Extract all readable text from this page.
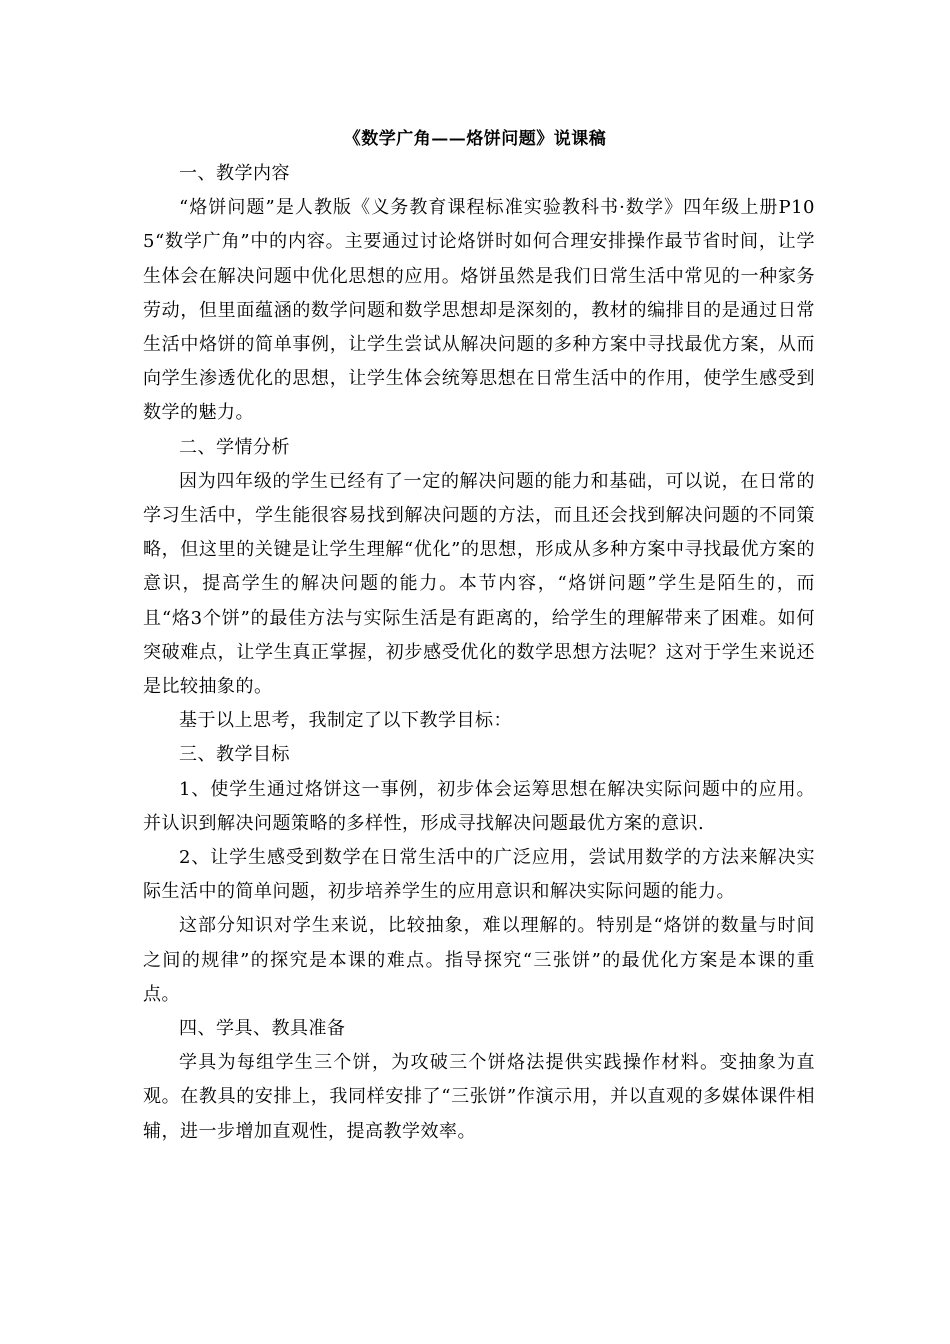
《数学广角——烙饼问题》说课稿

一、教学内容

“烙饼问题”是人教版《义务教育课程标准实验教科书·数学》四年级上册P105“数学广角”中的内容。主要通过讨论烙饼时如何合理安排操作最节省时间，让学生体会在解决问题中优化思想的应用。烙饼虽然是我们日常生活中常见的一种家务劳动，但里面蕴涵的数学问题和数学思想却是深刻的，教材的编排目的是通过日常生活中烙饼的简单事例，让学生尝试从解决问题的多种方案中寻找最优方案，从而向学生渗透优化的思想，让学生体会统筹思想在日常生活中的作用，使学生感受到数学的魅力。

二、学情分析

因为四年级的学生已经有了一定的解决问题的能力和基础，可以说，在日常的学习生活中，学生能很容易找到解决问题的方法，而且还会找到解决问题的不同策略，但这里的关键是让学生理解“优化”的思想，形成从多种方案中寻找最优方案的意识，提高学生的解决问题的能力。本节内容，“烙饼问题”学生是陌生的，而且“烙3个饼”的最佳方法与实际生活是有距离的，给学生的理解带来了困难。如何突破难点，让学生真正掌握，初步感受优化的数学思想方法呢？这对于学生来说还是比较抽象的。

基于以上思考，我制定了以下教学目标：

三、教学目标

1、使学生通过烙饼这一事例，初步体会运筹思想在解决实际问题中的应用。并认识到解决问题策略的多样性，形成寻找解决问题最优方案的意识.

2、让学生感受到数学在日常生活中的广泛应用，尝试用数学的方法来解决实际生活中的简单问题，初步培养学生的应用意识和解决实际问题的能力。

这部分知识对学生来说，比较抽象，难以理解的。特别是“烙饼的数量与时间之间的规律”的探究是本课的难点。指导探究“三张饼”的最优化方案是本课的重点。

四、学具、教具准备

学具为每组学生三个饼，为攻破三个饼烙法提供实践操作材料。变抽象为直观。在教具的安排上，我同样安排了“三张饼”作演示用，并以直观的多媒体课件相辅，进一步增加直观性，提高教学效率。
